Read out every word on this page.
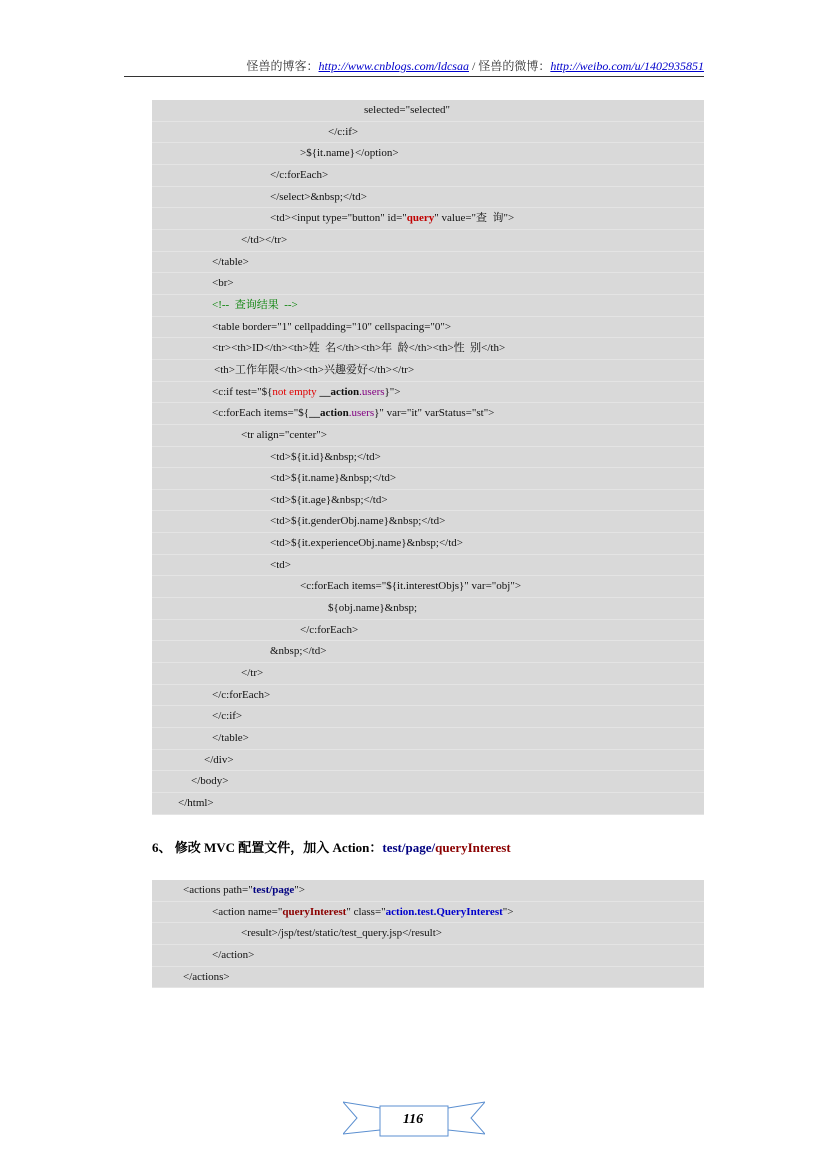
怪兽的博客：http://www.cnblogs.com/ldcsaa / 怪兽的微博：http://weibo.com/u/1402935851
selected="selected"
</c:if>
>${it.name}</option>
</c:forEach>
</select>&nbsp;</td>
<td><input type="button" id="query" value="查  询">
</td></tr>
</table>
<br>
<!--  查询结果  -->
<table border="1" cellpadding="10" cellspacing="0">
<tr><th>ID</th><th>姓  名</th><th>年  龄</th><th>性  别</th>
<th>工作年限</th><th>兴趣爱好</th></tr>
<c:if test="${not empty __action.users}">
<c:forEach items="${__action.users}" var="it" varStatus="st">
<tr align="center">
<td>${it.id}&nbsp;</td>
<td>${it.name}&nbsp;</td>
<td>${it.age}&nbsp;</td>
<td>${it.genderObj.name}&nbsp;</td>
<td>${it.experienceObj.name}&nbsp;</td>
<td>
<c:forEach items="${it.interestObjs}" var="obj">
${obj.name}&nbsp;
</c:forEach>
&nbsp;</td>
</tr>
</c:forEach>
</c:if>
</table>
</div>
</body>
</html>
6、 修改 MVC 配置文件，加入 Action：test/page/queryInterest
<actions path="test/page">
<action name="queryInterest" class="action.test.QueryInterest">
<result>/jsp/test/static/test_query.jsp</result>
</action>
</actions>
116
